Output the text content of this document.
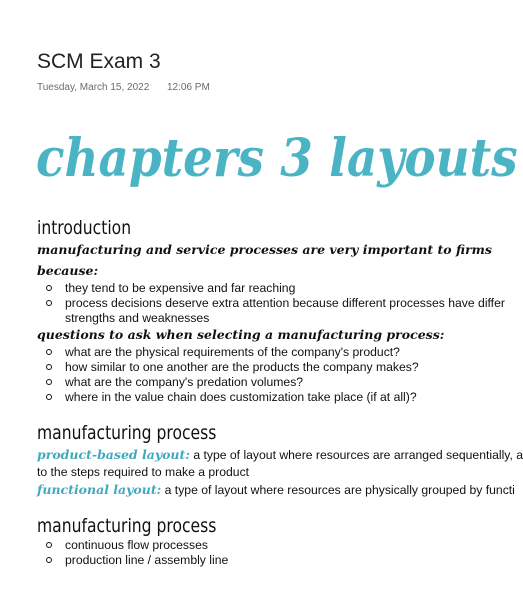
SCM Exam 3
Tuesday, March 15, 2022 12:06 PM
chapters 3 layouts
introduction
manufacturing and service processes are very important to firms
because:
they tend to be expensive and far reaching
process decisions deserve extra attention because different processes have differ
strengths and weaknesses
questions to ask when selecting a manufacturing process:
what are the physical requirements of the company's product?
how similar to one another are the products the company makes?
what are the company's predation volumes?
where in the value chain does customization take place (if at all)?
manufacturing process
product-based layout: a type of layout where resources are arranged sequentially, a
to the steps required to make a product
functional layout: a type of layout where resources are physically grouped by functi
manufacturing process
continuous flow processes
production line / assembly line
